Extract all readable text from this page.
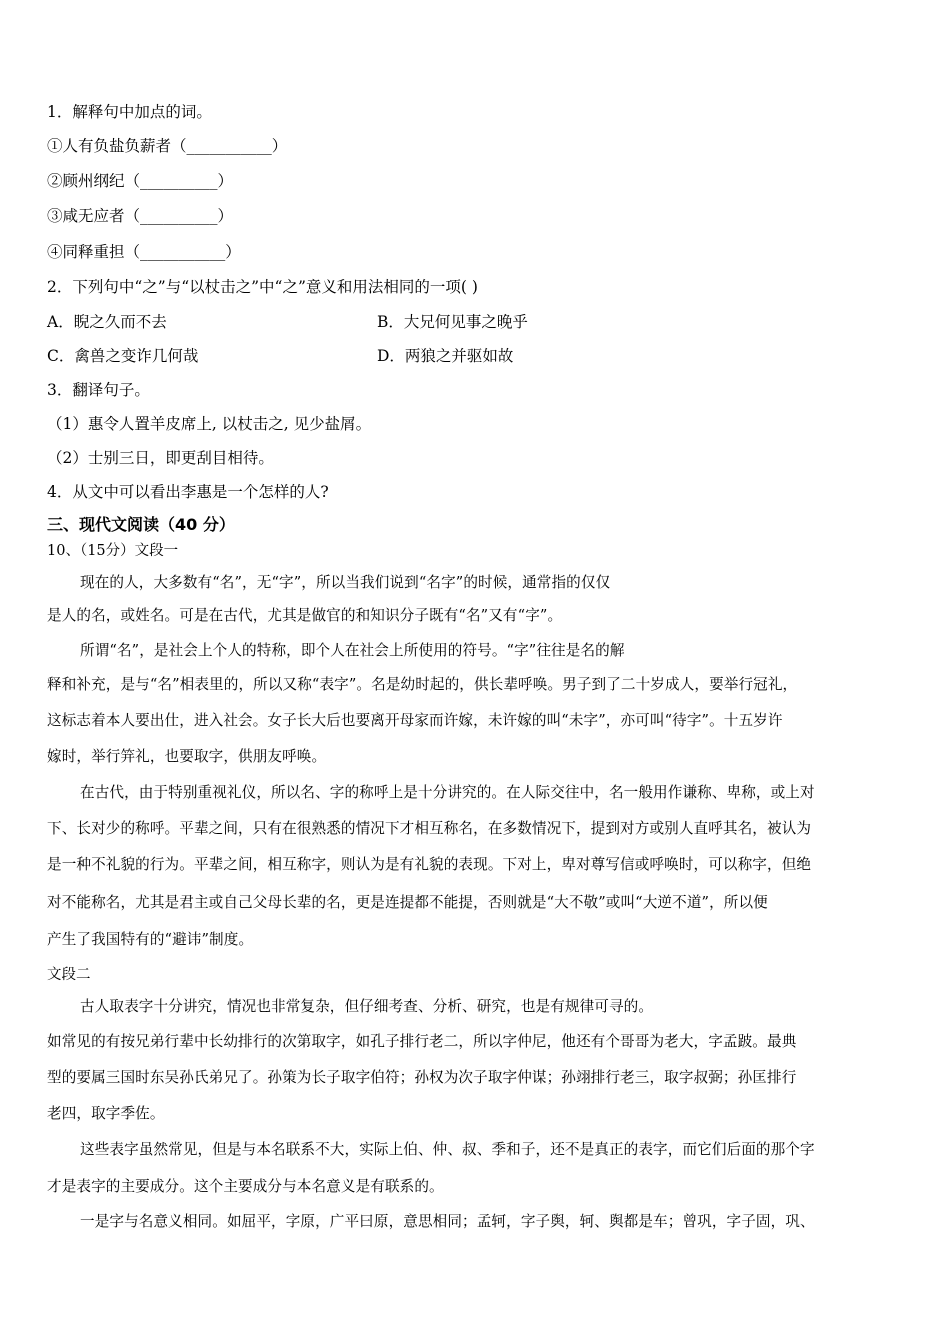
1．解释句中加点的词。
①人有负盐负薪者（___________）
②顾州纲纪（__________）
③咸无应者（__________）
④同释重担（___________）
2．下列句中“之”与“以杖击之”中“之”意义和用法相同的一项( )
A．睨之久而不去	B．大兄何见事之晚乎
C．禽兽之变诈几何哉	D．两狼之并驱如故
3．翻译句子。
（1）惠令人置羊皮席上, 以杖击之, 见少盐屑。
（2）士别三日，即更刮目相待。
4．从文中可以看出李惠是一个怎样的人?
三、现代文阅读（40 分）
10、（15分）文段一
现在的人，大多数有“名”，无“字”，所以当我们说到“名字”的时候，通常指的仅仅
是人的名，或姓名。可是在古代，尤其是做官的和知识分子既有“名”又有“字”。
所谓“名”，是社会上个人的特称，即个人在社会上所使用的符号。“字”往往是名的解
释和补充，是与“名”相表里的，所以又称“表字”。名是幼时起的，供长辈呼唤。男子到了二十岁成人，要举行冠礼，
这标志着本人要出仕，进入社会。女子长大后也要离开母家而许嫁，未许嫁的叫“未字”，亦可叫“待字”。十五岁许
嫁时，举行笄礼，也要取字，供朋友呼唤。
在古代，由于特别重视礼仪，所以名、字的称呼上是十分讲究的。在人际交往中，名一般用作谦称、卑称，或上对
下、长对少的称呼。平辈之间，只有在很熟悉的情况下才相互称名，在多数情况下，提到对方或别人直呼其名，被认为
是一种不礼貌的行为。平辈之间，相互称字，则认为是有礼貌的表现。下对上，卑对尊写信或呼唤时，可以称字，但绝
对不能称名，尤其是君主或自己父母长辈的名，更是连提都不能提，否则就是“大不敬”或叫“大逆不道”，所以便
产生了我国特有的“避讳”制度。
文段二
古人取表字十分讲究，情况也非常复杂，但仔细考查、分析、研究，也是有规律可寻的。
如常见的有按兄弟行辈中长幼排行的次第取字，如孔子排行老二，所以字仲尼，他还有个哥哥为老大，字孟跛。最典
型的要属三国时东吴孙氏弟兄了。孙策为长子取字伯符；孙权为次子取字仲谋；孙翊排行老三，取字叔弼；孙匡排行
老四，取字季佐。
这些表字虽然常见，但是与本名联系不大，实际上伯、仲、叔、季和子，还不是真正的表字，而它们后面的那个字
才是表字的主要成分。这个主要成分与本名意义是有联系的。
一是字与名意义相同。如屈平，字原，广平曰原，意思相同；孟轲，字子舆，轲、舆都是车；曾巩，字子固，巩、
